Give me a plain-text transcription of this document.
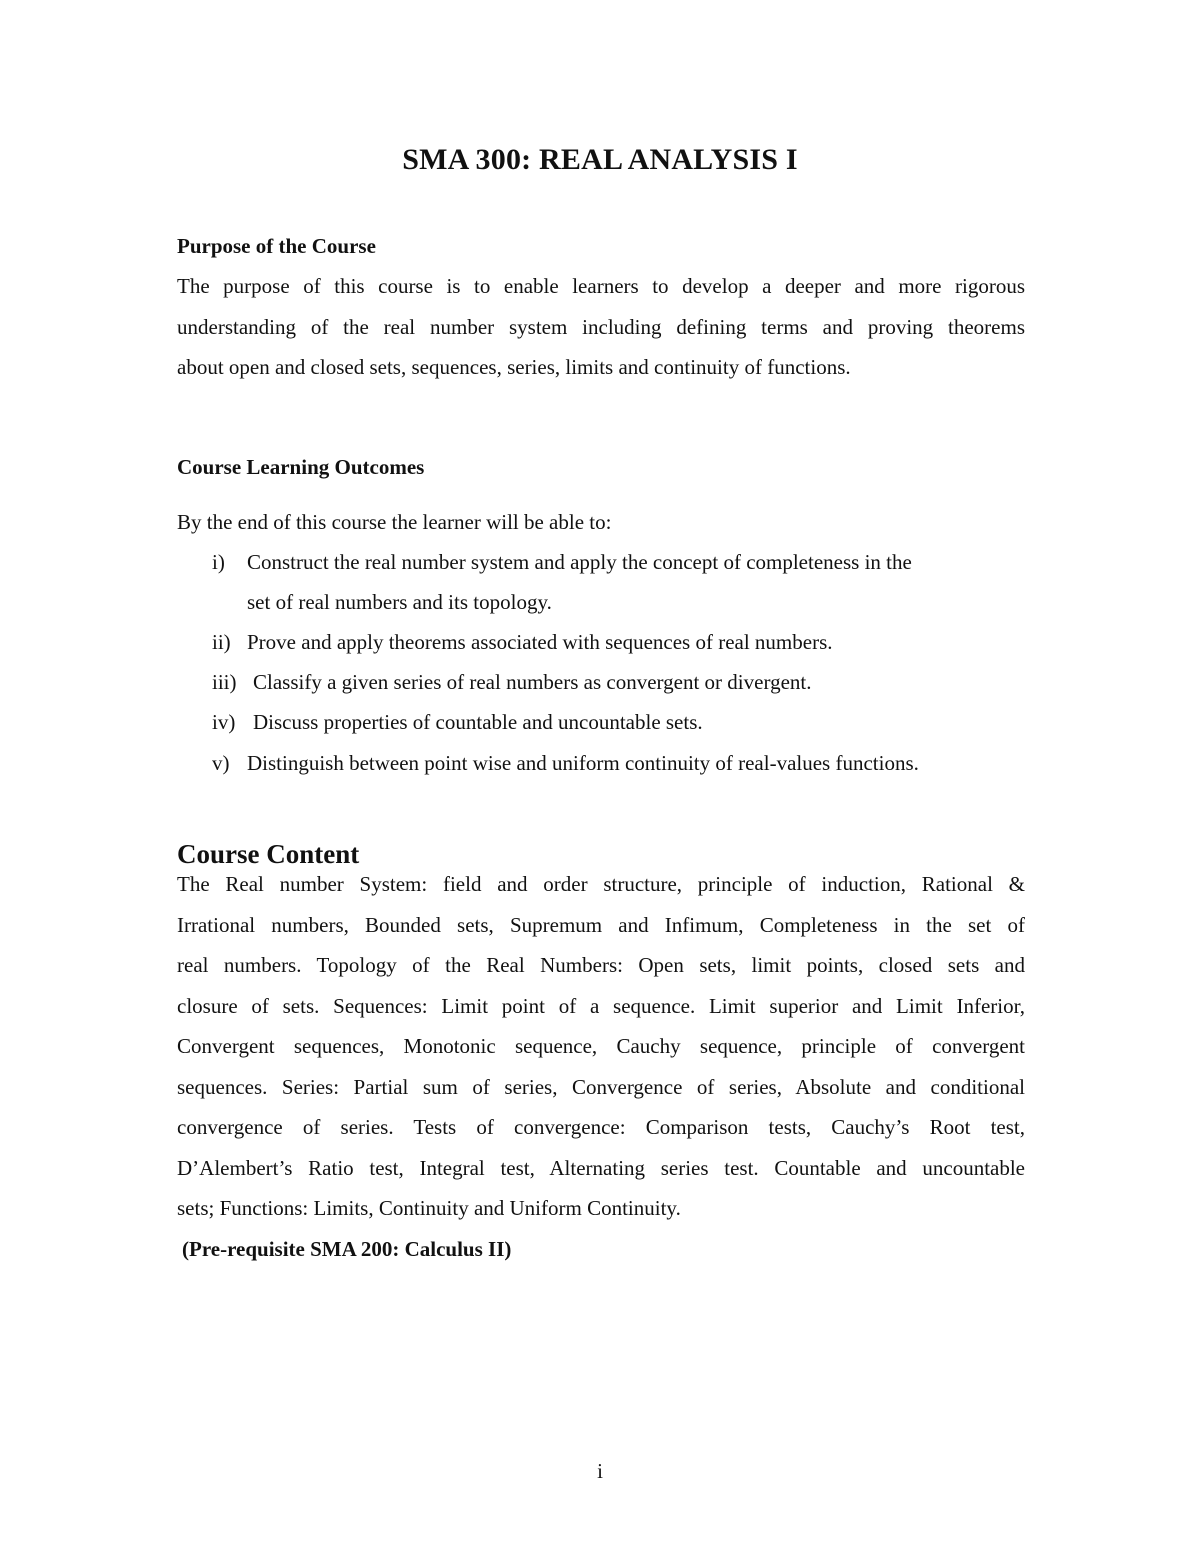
SMA 300: REAL ANALYSIS I
Purpose of the Course
The purpose of this course is to enable learners to develop a deeper and more rigorous
understanding of the real number system including defining terms and proving theorems
about open and closed sets, sequences, series, limits and continuity of functions.
Course Learning Outcomes
By the end of this course the learner will be able to:
i) Construct the real number system and apply the concept of completeness in the
set of real numbers and its topology.
ii) Prove and apply theorems associated with sequences of real numbers.
iii) Classify a given series of real numbers as convergent or divergent.
iv) Discuss properties of countable and uncountable sets.
v) Distinguish between point wise and uniform continuity of real-values functions.
Course Content
The Real number System: field and order structure, principle of induction, Rational &
Irrational numbers, Bounded sets, Supremum and Infimum, Completeness in the set of
real numbers. Topology of the Real Numbers: Open sets, limit points, closed sets and
closure of sets. Sequences: Limit point of a sequence. Limit superior and Limit Inferior,
Convergent sequences, Monotonic sequence, Cauchy sequence, principle of convergent
sequences. Series: Partial sum of series, Convergence of series, Absolute and conditional
convergence of series. Tests of convergence: Comparison tests, Cauchy’s Root test,
D’Alembert’s Ratio test, Integral test, Alternating series test. Countable and uncountable
sets; Functions: Limits, Continuity and Uniform Continuity.
(Pre-requisite SMA 200: Calculus II)
i
